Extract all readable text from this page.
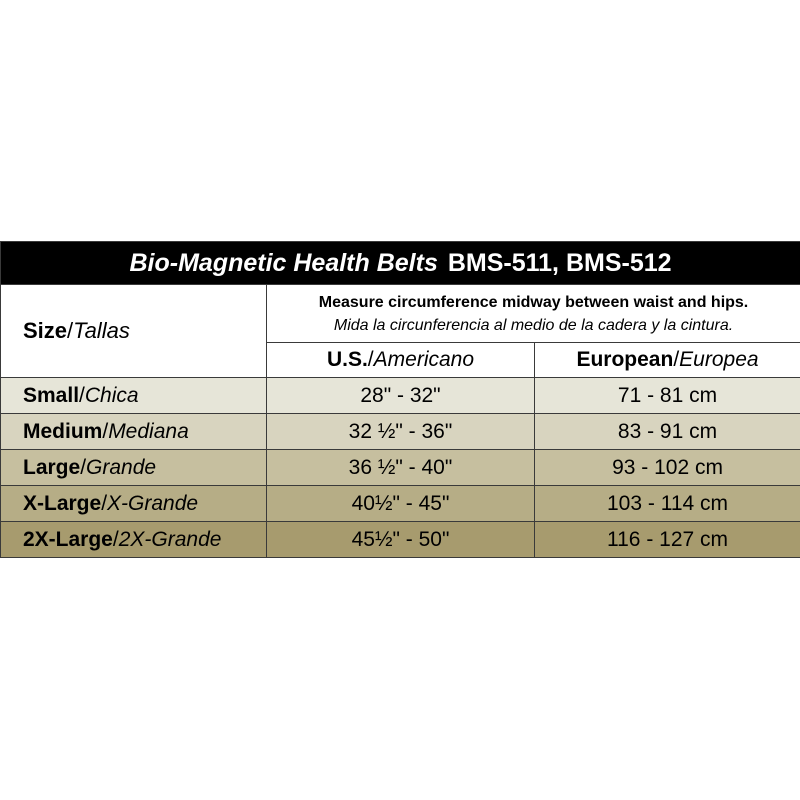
Bio-Magnetic Health Belts BMS-511, BMS-512		
Size/Tallas	Measure circumference midway between waist and hips.
Mida la circunferencia al medio de la cadera y la cintura.	

	U.S./Americano	European/Europea
Small/Chica	28" - 32"	71 - 81 cm
Medium/Mediana	32 ½" - 36"	83 - 91 cm
Large/Grande	36 ½" - 40"	93 - 102 cm
X-Large/X-Grande	40½" - 45"	103 - 114 cm
2X-Large/2X-Grande	45½" - 50"	116 - 127 cm
